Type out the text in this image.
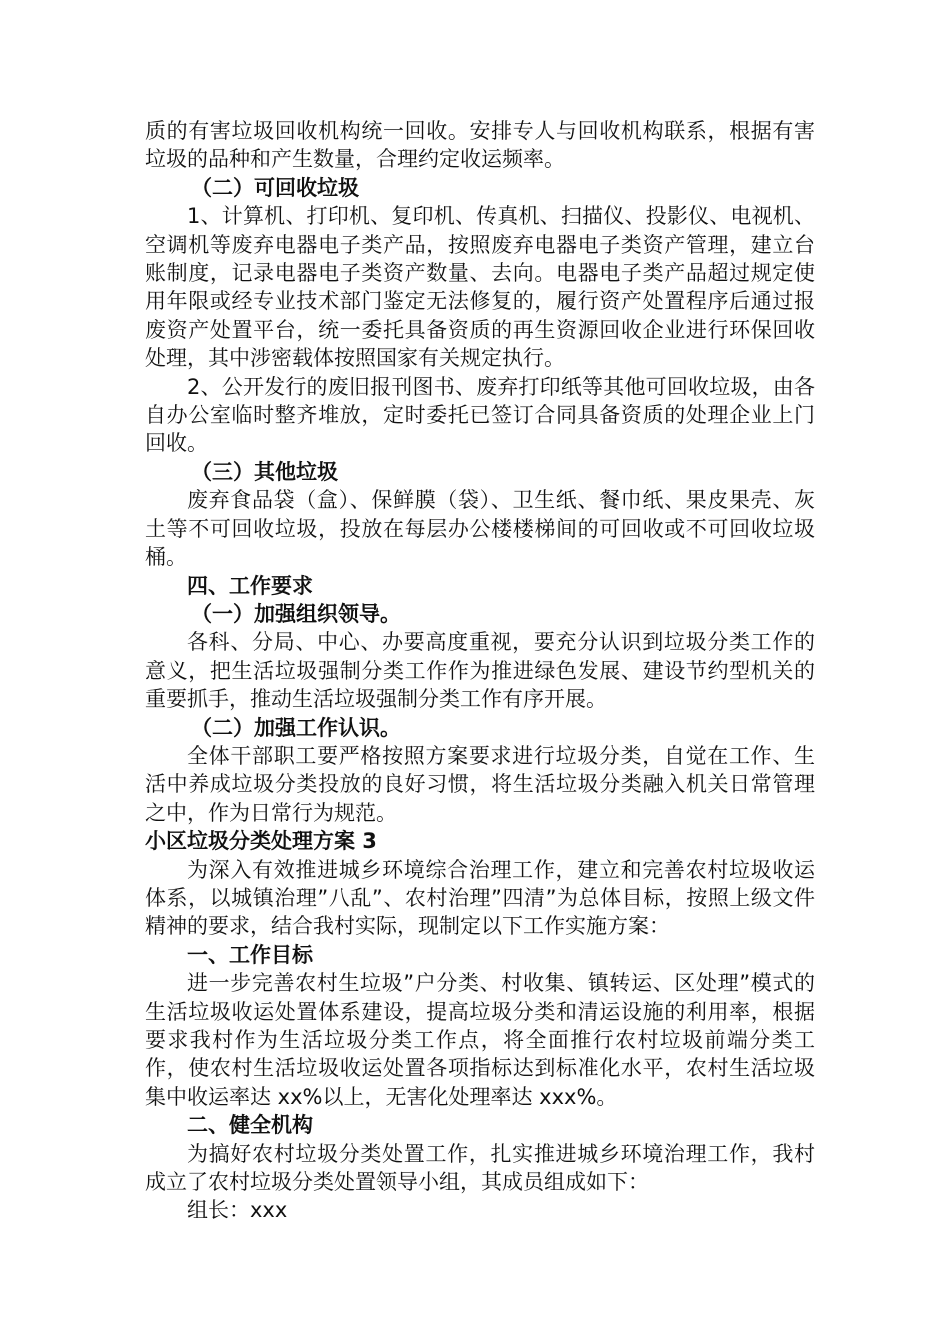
质的有害垃圾回收机构统一回收。安排专人与回收机构联系，根据有害垃圾的品种和产生数量，合理约定收运频率。

（二）可回收垃圾

1、计算机、打印机、复印机、传真机、扫描仪、投影仪、电视机、空调机等废弃电器电子类产品，按照废弃电器电子类资产管理，建立台账制度，记录电器电子类资产数量、去向。电器电子类产品超过规定使用年限或经专业技术部门鉴定无法修复的，履行资产处置程序后通过报废资产处置平台，统一委托具备资质的再生资源回收企业进行环保回收处理，其中涉密载体按照国家有关规定执行。

2、公开发行的废旧报刊图书、废弃打印纸等其他可回收垃圾，由各自办公室临时整齐堆放，定时委托已签订合同具备资质的处理企业上门回收。

（三）其他垃圾

废弃食品袋（盒）、保鲜膜（袋）、卫生纸、餐巾纸、果皮果壳、灰土等不可回收垃圾，投放在每层办公楼楼梯间的可回收或不可回收垃圾桶。

四、工作要求

（一）加强组织领导。

各科、分局、中心、办要高度重视，要充分认识到垃圾分类工作的意义，把生活垃圾强制分类工作作为推进绿色发展、建设节约型机关的重要抓手，推动生活垃圾强制分类工作有序开展。

（二）加强工作认识。

全体干部职工要严格按照方案要求进行垃圾分类，自觉在工作、生活中养成垃圾分类投放的良好习惯，将生活垃圾分类融入机关日常管理之中，作为日常行为规范。

小区垃圾分类处理方案 3

为深入有效推进城乡环境综合治理工作，建立和完善农村垃圾收运体系，以城镇治理”八乱”、农村治理”四清”为总体目标，按照上级文件精神的要求，结合我村实际，现制定以下工作实施方案：

一、工作目标

进一步完善农村生垃圾”户分类、村收集、镇转运、区处理”模式的生活垃圾收运处置体系建设，提高垃圾分类和清运设施的利用率，根据要求我村作为生活垃圾分类工作点，将全面推行农村垃圾前端分类工作，使农村生活垃圾收运处置各项指标达到标准化水平，农村生活垃圾集中收运率达 xx%以上，无害化处理率达 xxx%。

二、健全机构

为搞好农村垃圾分类处置工作，扎实推进城乡环境治理工作，我村成立了农村垃圾分类处置领导小组，其成员组成如下：

组长：xxx
